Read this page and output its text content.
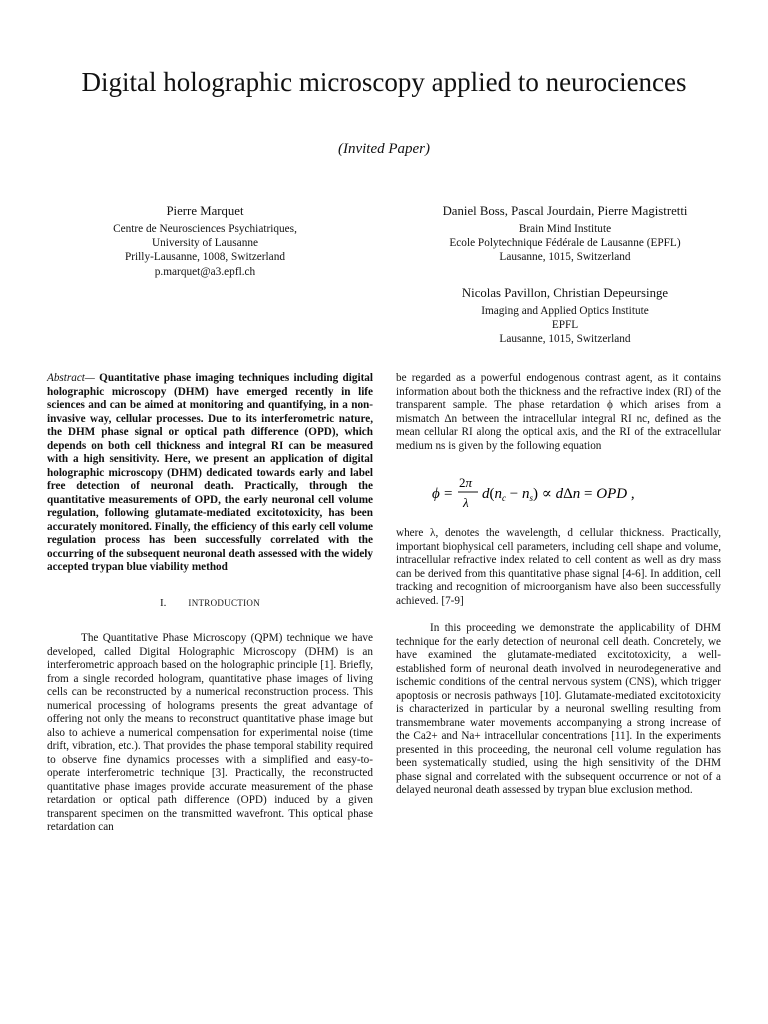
Digital holographic microscopy applied to neurociences
(Invited Paper)
Pierre Marquet
Centre de Neurosciences Psychiatriques,
University of Lausanne
Prilly-Lausanne, 1008, Switzerland
p.marquet@a3.epfl.ch
Daniel Boss, Pascal Jourdain, Pierre Magistretti
Brain Mind Institute
Ecole Polytechnique Fédérale de Lausanne (EPFL)
Lausanne, 1015, Switzerland
Nicolas Pavillon, Christian Depeursinge
Imaging and Applied Optics Institute
EPFL
Lausanne, 1015, Switzerland

Abstract— Quantitative phase imaging techniques including digital holographic microscopy (DHM) have emerged recently in life sciences and can be aimed at monitoring and quantifying, in a non-invasive way, cellular processes. Due to its interferometric nature, the DHM phase signal or optical path difference (OPD), which depends on both cell thickness and integral RI can be measured with a high sensitivity. Here, we present an application of digital holographic microscopy (DHM) dedicated towards early and label free detection of neuronal death. Practically, through the quantitative measurements of OPD, the early neuronal cell volume regulation, following glutamate-mediated excitotoxicity, has been accurately monitored. Finally, the efficiency of this early cell volume regulation process has been successfully correlated with the occurring of the subsequent neuronal death assessed with the widely accepted trypan blue viability method

I. INTRODUCTION

The Quantitative Phase Microscopy (QPM) technique we have developed, called Digital Holographic Microscopy (DHM) is an interferometric approach based on the holographic principle [1]. Briefly, from a single recorded hologram, quantitative phase images of living cells can be reconstructed by a numerical reconstruction process. This numerical processing of holograms presents the great advantage of offering not only the means to reconstruct quantitative phase image but also to achieve a numerical compensation for experimental noise (time drift, vibration, etc.). That provides the phase temporal stability required to observe fine dynamics processes with a simplified and easy-to-operate interferometric technique [3]. Practically, the reconstructed quantitative phase images provide accurate measurement of the phase retardation or optical path difference (OPD) induced by a given transparent specimen on the transmitted wavefront. This optical phase retardation can

be regarded as a powerful endogenous contrast agent, as it contains information about both the thickness and the refractive index (RI) of the transparent sample. The phase retardation ϕ which arises from a mismatch Δn between the intracellular integral RI nc, defined as the mean cellular RI along the optical axis, and the RI of the extracellular medium ns is given by the following equation

ϕ =
2π
λ
$d(n_c - n_s) \propto d\Delta n$ = OPD ,

where λ, denotes the wavelength, d cellular thickness. Practically, important biophysical cell parameters, including cell shape and volume, intracellular refractive index related to cell content as well as dry mass can be derived from this quantitative phase signal [4-6]. In addition, cell tracking and recognition of microorganism have also been successfully achieved. [7-9]

In this proceeding we demonstrate the applicability of DHM technique for the early detection of neuronal cell death. Concretely, we have examined the glutamate-mediated excitotoxicity, a well-established form of neuronal death involved in neurodegenerative and ischemic conditions of the central nervous system (CNS), which trigger apoptosis or necrosis pathways [10]. Glutamate-mediated excitotoxicity is characterized in particular by a neuronal swelling resulting from transmembrane water movements accompanying a strong increase of the Ca2+ and Na+ intracellular concentrations [11]. In the experiments presented in this proceeding, the neuronal cell volume regulation has been systematically studied, using the high sensitivity of the DHM phase signal and correlated with the subsequent occurrence or not of a delayed neuronal death assessed by trypan blue exclusion method.
